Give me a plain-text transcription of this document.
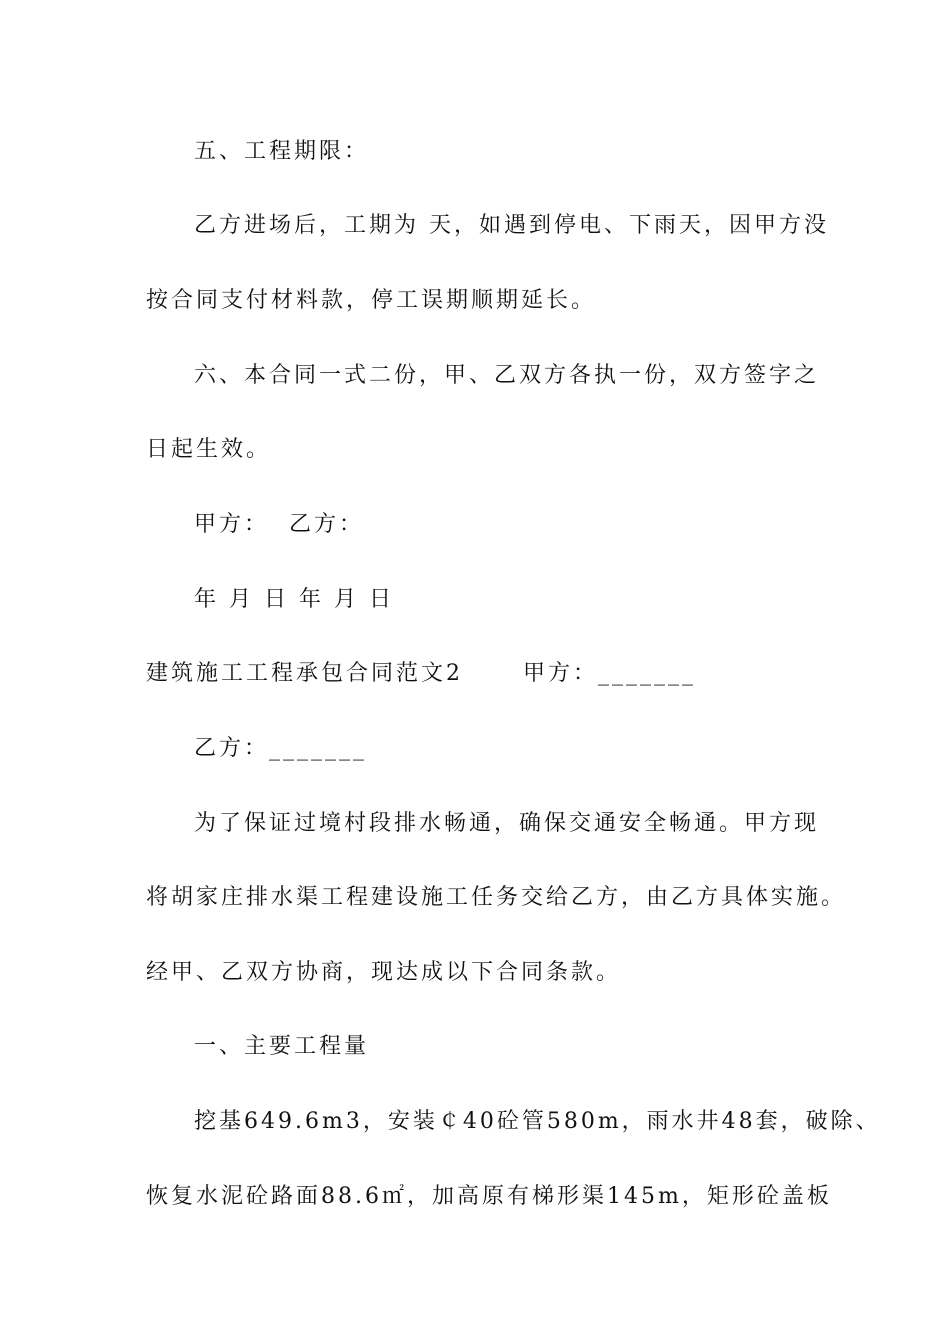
五、工程期限：
乙方进场后，工期为 天，如遇到停电、下雨天，因甲方没
按合同支付材料款，停工误期顺期延长。
六、本合同一式二份，甲、乙双方各执一份，双方签字之
日起生效。
甲方：  乙方：
年 月 日 年 月 日
建筑施工工程承包合同范文2      甲方：_______
乙方：_______
为了保证过境村段排水畅通，确保交通安全畅通。甲方现
将胡家庄排水渠工程建设施工任务交给乙方，由乙方具体实施。
经甲、乙双方协商，现达成以下合同条款。
一、主要工程量
挖基649.6m3，安装￠40砼管580m，雨水井48套，破除、
恢复水泥砼路面88.6㎡，加高原有梯形渠145m，矩形砼盖板
